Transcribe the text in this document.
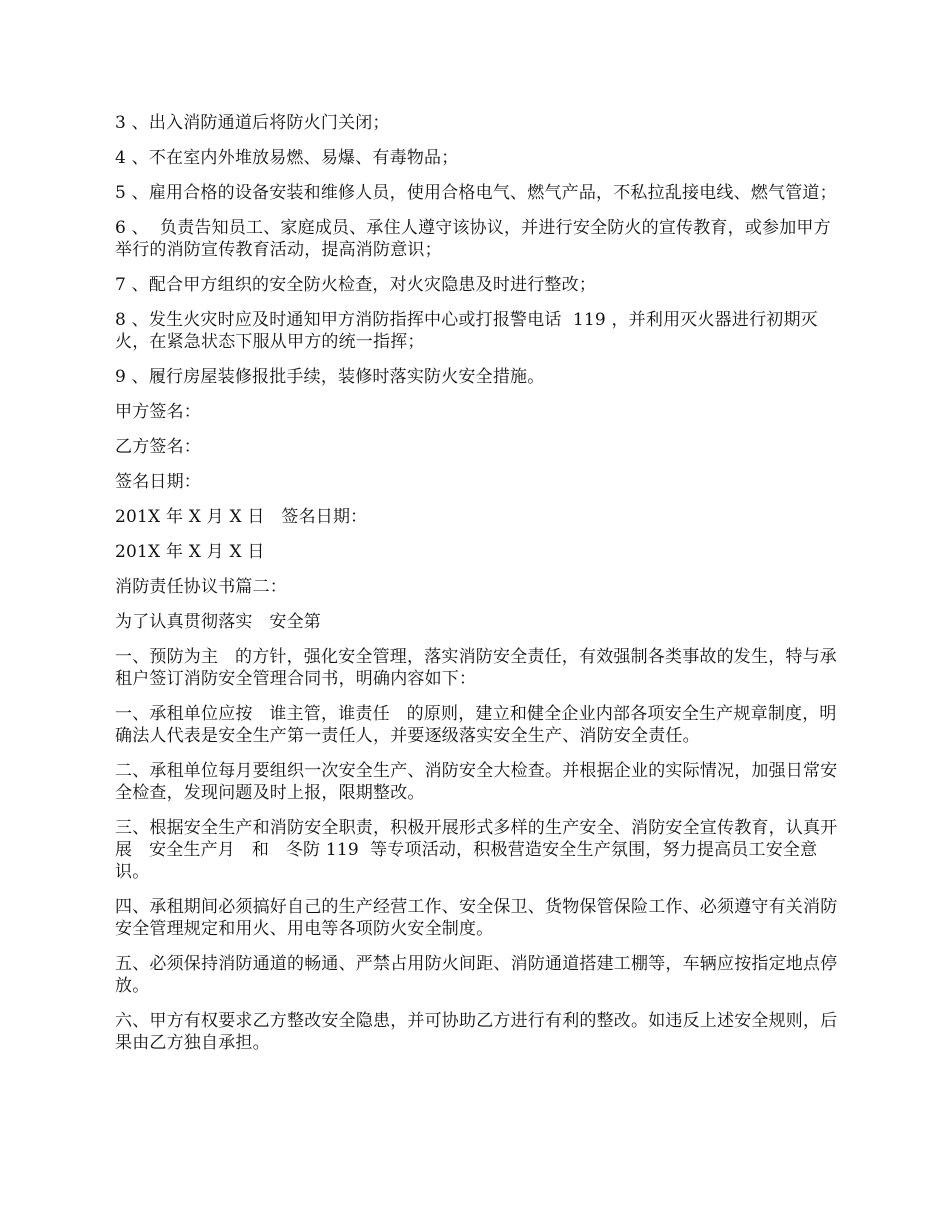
3 、出入消防通道后将防火门关闭；

4 、不在室内外堆放易燃、易爆、有毒物品；

5 、雇用合格的设备安装和维修人员，使用合格电气、燃气产品，不私拉乱接电线、燃气管道；

6 、  负责告知员工、家庭成员、承住人遵守该协议，并进行安全防火的宣传教育，或参加甲方举行的消防宣传教育活动，提高消防意识；

7 、配合甲方组织的安全防火检查，对火灾隐患及时进行整改；

8 、发生火灾时应及时通知甲方消防指挥中心或打报警电话  119 ，并利用灭火器进行初期灭火，在紧急状态下服从甲方的统一指挥；

9 、履行房屋装修报批手续，装修时落实防火安全措施。

甲方签名：

乙方签名：

签名日期：

201X 年 X 月 X 日   签名日期：

201X 年 X 月 X 日

消防责任协议书篇二：

为了认真贯彻落实   安全第

一、预防为主   的方针，强化安全管理，落实消防安全责任，有效强制各类事故的发生，特与承租户签订消防安全管理合同书，明确内容如下：

一、承租单位应按   谁主管，谁责任   的原则，建立和健全企业内部各项安全生产规章制度，明确法人代表是安全生产第一责任人，并要逐级落实安全生产、消防安全责任。

二、承租单位每月要组织一次安全生产、消防安全大检查。并根据企业的实际情况，加强日常安全检查，发现问题及时上报，限期整改。

三、根据安全生产和消防安全职责，积极开展形式多样的生产安全、消防安全宣传教育，认真开展   安全生产月   和   冬防 119  等专项活动，积极营造安全生产氛围，努力提高员工安全意识。

四、承租期间必须搞好自己的生产经营工作、安全保卫、货物保管保险工作、必须遵守有关消防安全管理规定和用火、用电等各项防火安全制度。

五、必须保持消防通道的畅通、严禁占用防火间距、消防通道搭建工棚等，车辆应按指定地点停放。

六、甲方有权要求乙方整改安全隐患，并可协助乙方进行有利的整改。如违反上述安全规则，后果由乙方独自承担。
